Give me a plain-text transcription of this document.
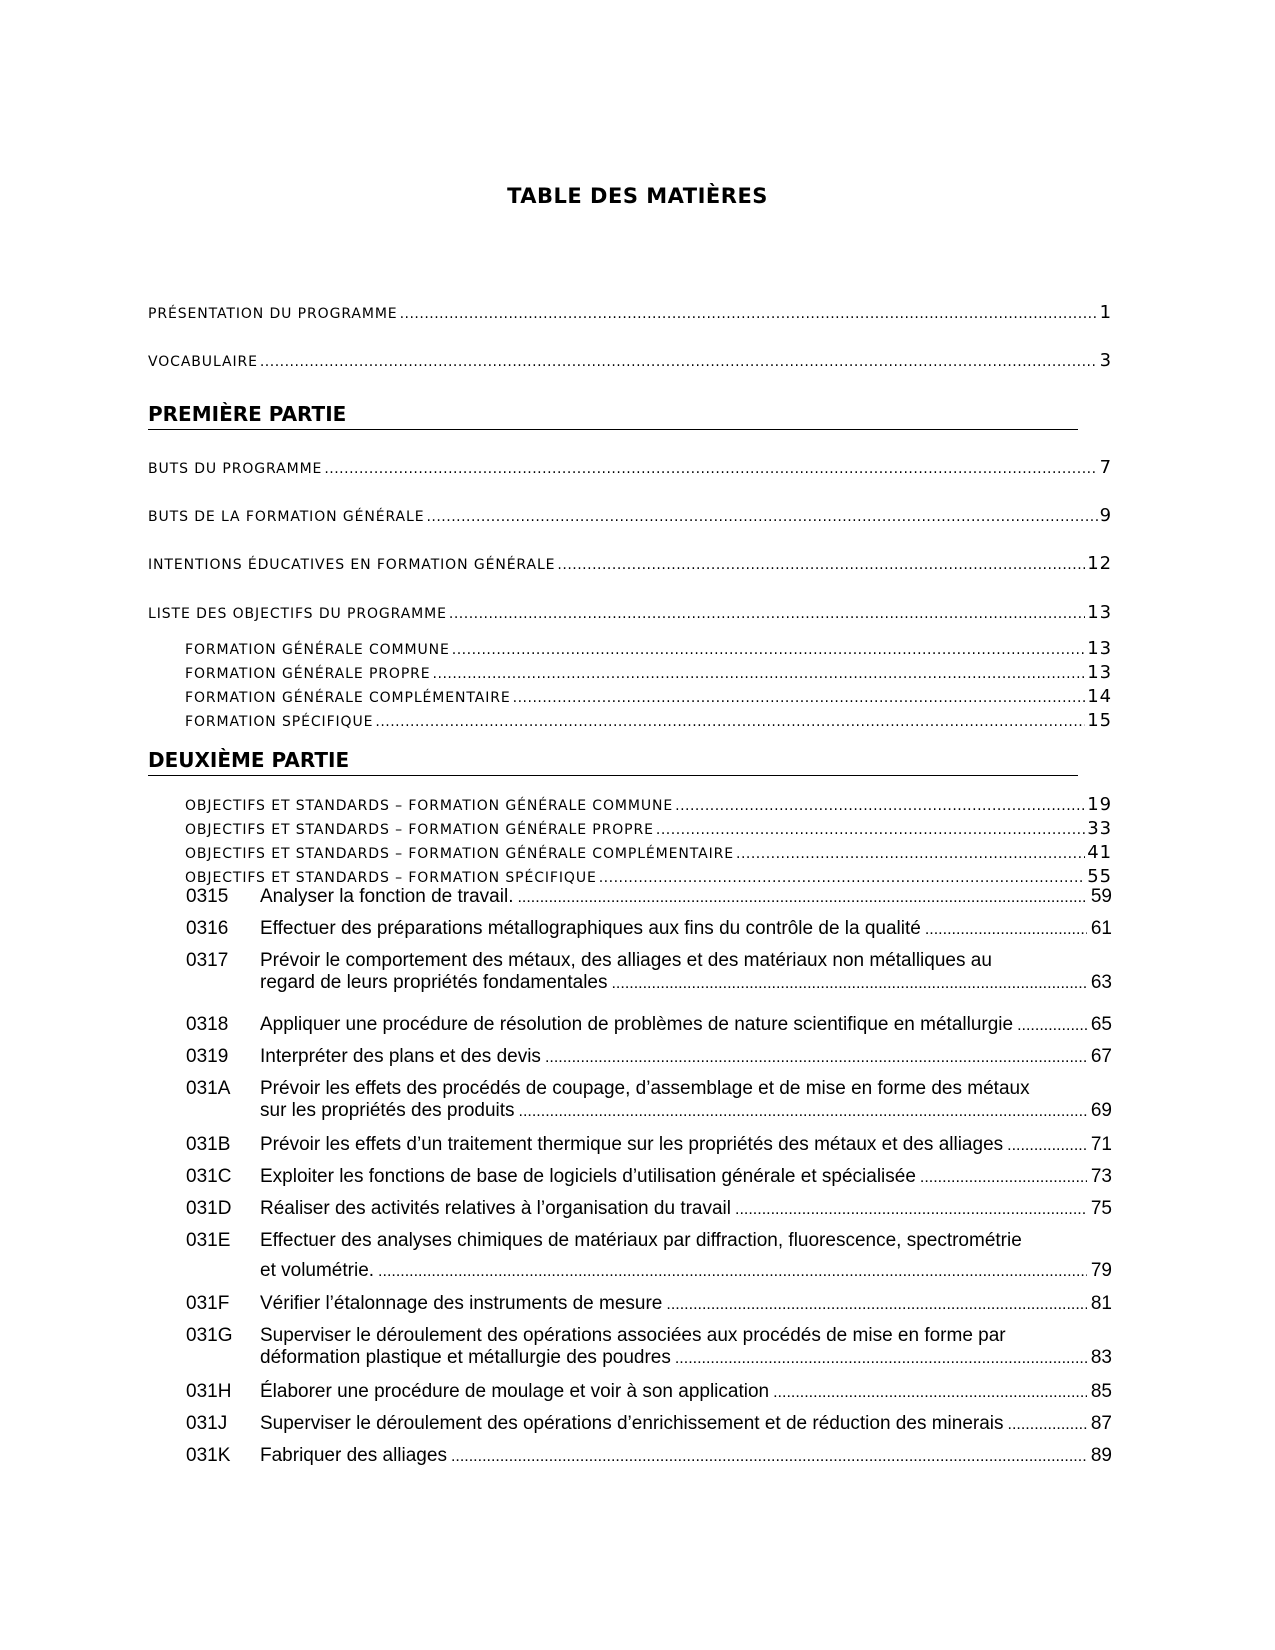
TABLE DES MATIÈRES
PRÉSENTATION DU PROGRAMME .....	1
VOCABULAIRE .....	3
PREMIÈRE PARTIE
BUTS DU PROGRAMME .....	7
BUTS DE LA FORMATION GÉNÉRALE .....	9
INTENTIONS ÉDUCATIVES EN FORMATION GÉNÉRALE .....	12
LISTE DES OBJECTIFS DU PROGRAMME .....	13
FORMATION GÉNÉRALE COMMUNE .....	13
FORMATION GÉNÉRALE PROPRE .....	13
FORMATION GÉNÉRALE COMPLÉMENTAIRE .....	14
FORMATION SPÉCIFIQUE .....	15
DEUXIÈME PARTIE
OBJECTIFS ET STANDARDS – FORMATION GÉNÉRALE COMMUNE .....	19
OBJECTIFS ET STANDARDS – FORMATION GÉNÉRALE PROPRE .....	33
OBJECTIFS ET STANDARDS – FORMATION GÉNÉRALE COMPLÉMENTAIRE .....	41
OBJECTIFS ET STANDARDS – FORMATION SPÉCIFIQUE .....	55
0315 Analyser la fonction de travail. .....	59
0316 Effectuer des préparations métallographiques aux fins du contrôle de la qualité .....	61
0317 Prévoir le comportement des métaux, des alliages et des matériaux non métalliques au
regard de leurs propriétés fondamentales .....	63
0318 Appliquer une procédure de résolution de problèmes de nature scientifique en métallurgie .....	65
0319 Interpréter des plans et des devis .....	67
031A Prévoir les effets des procédés de coupage, d’assemblage et de mise en forme des métaux
sur les propriétés des produits .....	69
031B Prévoir les effets d’un traitement thermique sur les propriétés des métaux et des alliages .....	71
031C Exploiter les fonctions de base de logiciels d’utilisation générale et spécialisée .....	73
031D Réaliser des activités relatives à l’organisation du travail .....	75
031E Effectuer des analyses chimiques de matériaux par diffraction, fluorescence, spectrométrie
et volumétrie. .....	79
031F Vérifier l’étalonnage des instruments de mesure .....	81
031G Superviser le déroulement des opérations associées aux procédés de mise en forme par
déformation plastique et métallurgie des poudres .....	83
031H Élaborer une procédure de moulage et voir à son application .....	85
031J Superviser le déroulement des opérations d’enrichissement et de réduction des minerais .....	87
031K Fabriquer des alliages .....	89
